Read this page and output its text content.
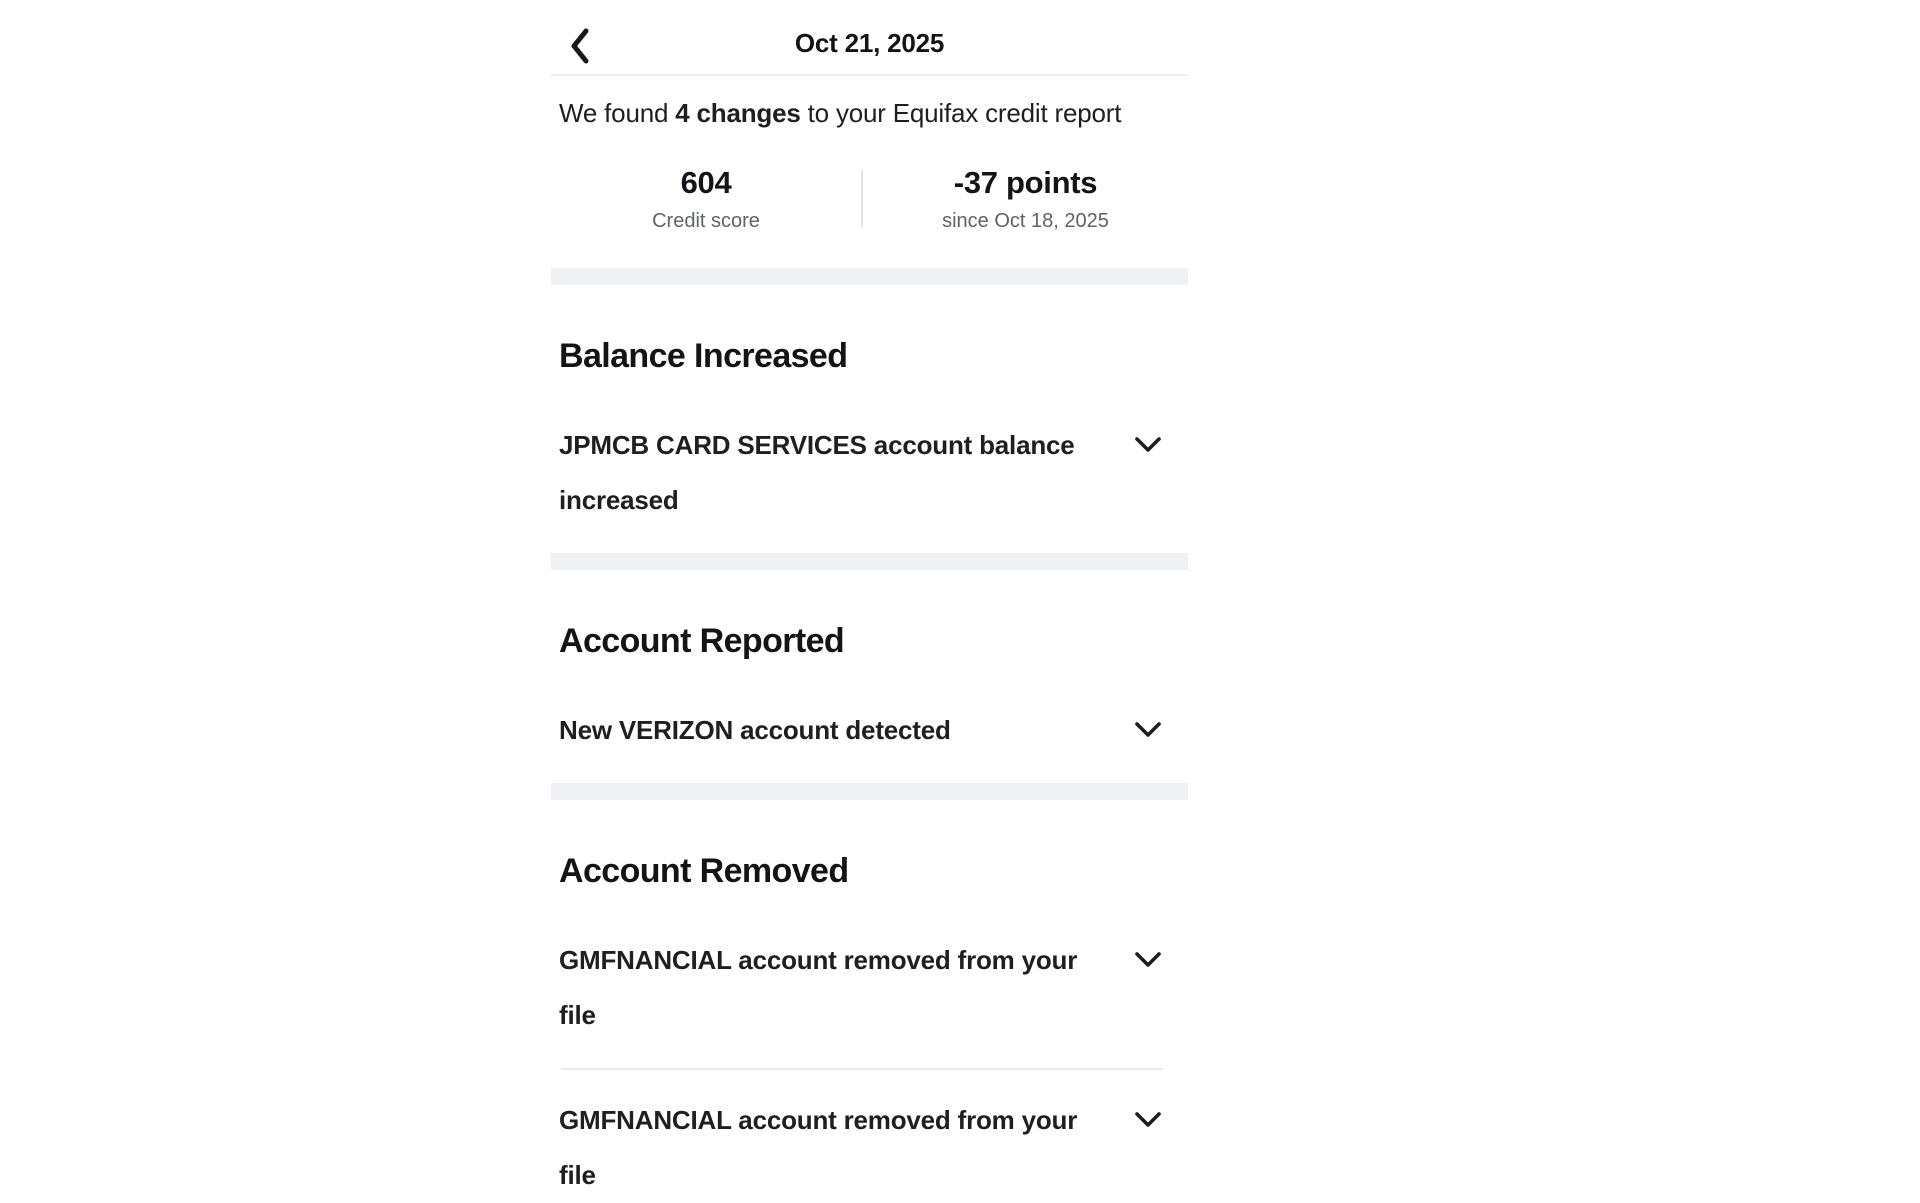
Oct 21, 2025
We found 4 changes to your Equifax credit report
604
Credit score
-37 points
since Oct 18, 2025
Balance Increased
JPMCB CARD SERVICES account balance
increased
Account Reported
New VERIZON account detected
Account Removed
GMFNANCIAL account removed from your file
GMFNANCIAL account removed from your file
